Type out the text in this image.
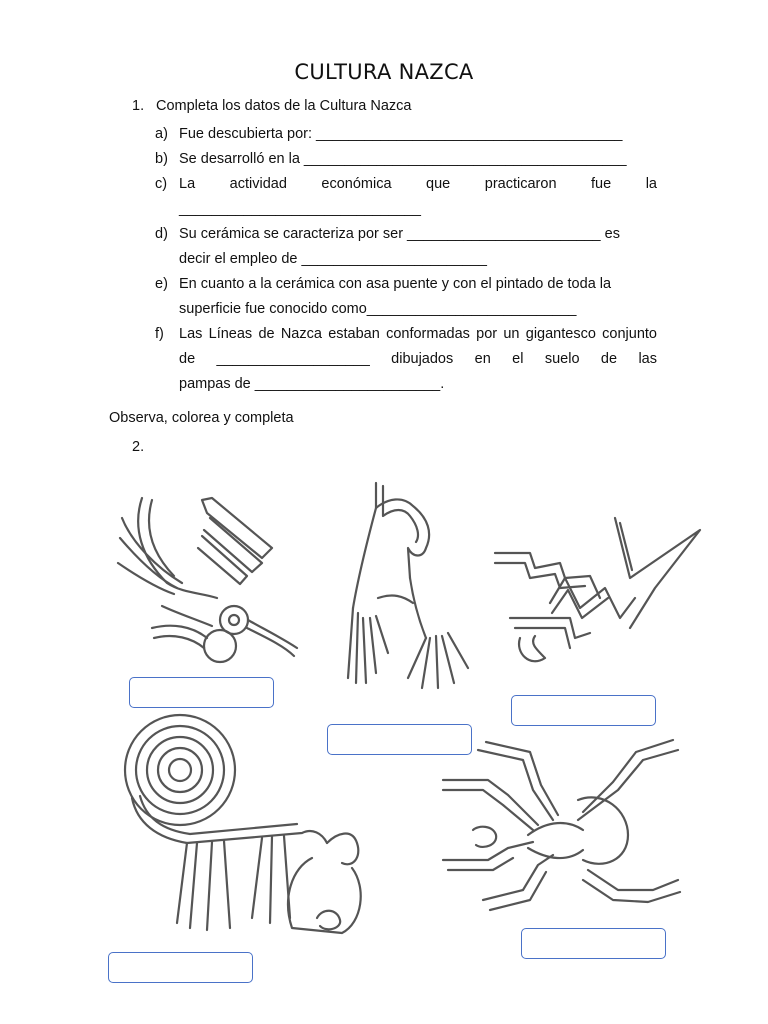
CULTURA NAZCA
1. Completa los datos de la Cultura Nazca
a) Fue descubierta por: ______________________________________
b) Se desarrolló en la ________________________________________
c) La actividad económica que practicaron fue la
______________________________
d) Su cerámica se caracteriza por ser ________________________ es
decir el empleo de _______________________
e) En cuanto a la cerámica con asa puente y con el pintado de toda la
superficie fue conocido como__________________________
f)	Las Líneas de Nazca estaban conformadas por un gigantesco conjunto de ___________________ dibujados en el suelo de las
pampas de _______________________.
Observa, colorea y completa
2.
